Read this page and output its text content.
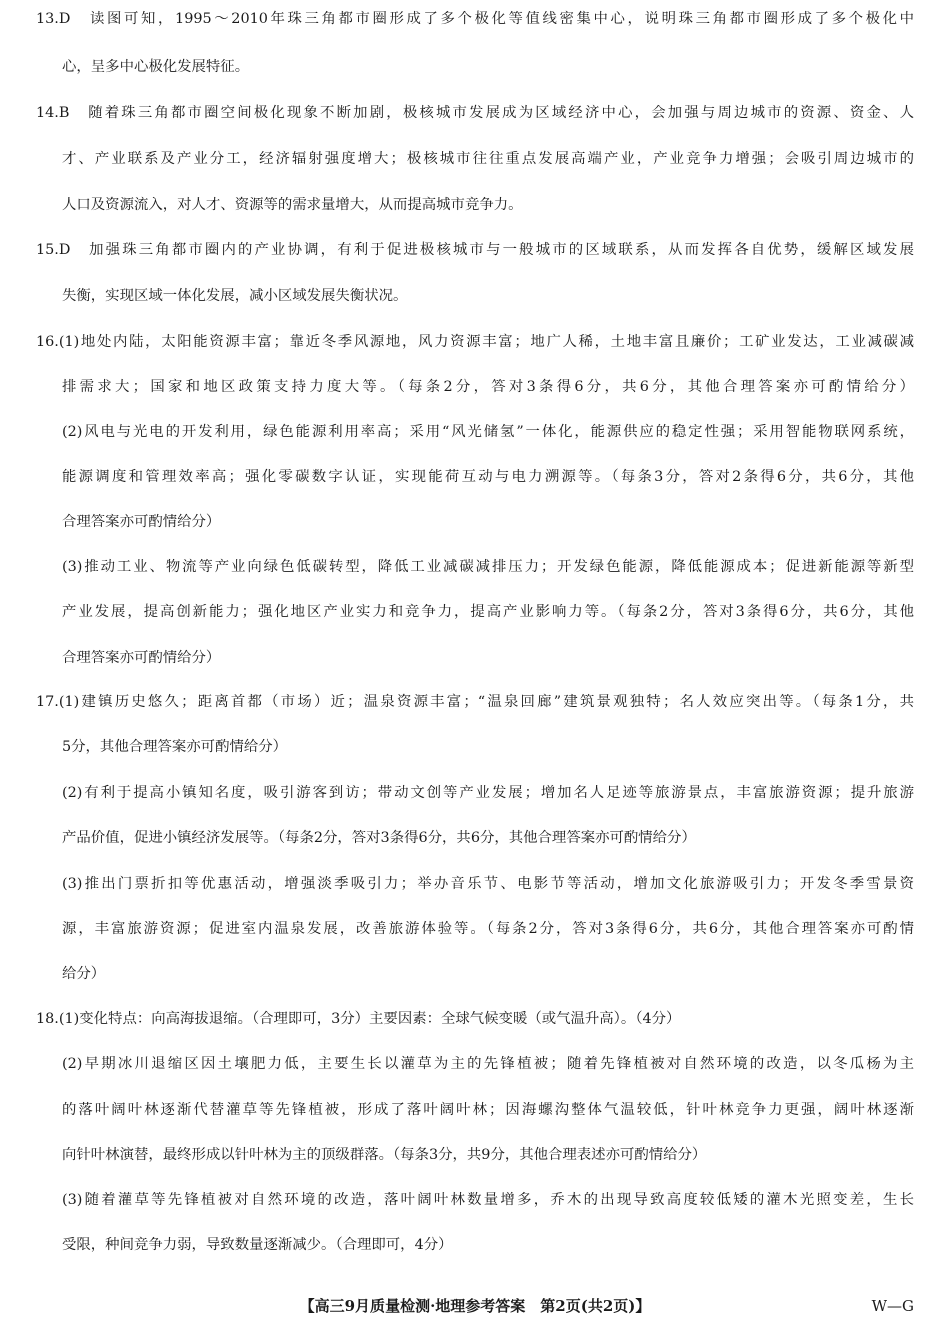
13.D　读图可知，1995～2010年珠三角都市圈形成了多个极化等值线密集中心，说明珠三角都市圈形成了多个极化中
心，呈多中心极化发展特征。
14.B　随着珠三角都市圈空间极化现象不断加剧，极核城市发展成为区域经济中心，会加强与周边城市的资源、资金、人
才、产业联系及产业分工，经济辐射强度增大；极核城市往往重点发展高端产业，产业竞争力增强；会吸引周边城市的
人口及资源流入，对人才、资源等的需求量增大，从而提高城市竞争力。
15.D　加强珠三角都市圈内的产业协调，有利于促进极核城市与一般城市的区域联系，从而发挥各自优势，缓解区域发展
失衡，实现区域一体化发展，减小区域发展失衡状况。
16.(1)地处内陆，太阳能资源丰富；靠近冬季风源地，风力资源丰富；地广人稀，土地丰富且廉价；工矿业发达，工业减碳减
排需求大；国家和地区政策支持力度大等。（每条2分，答对3条得6分，共6分，其他合理答案亦可酌情给分）
(2)风电与光电的开发利用，绿色能源利用率高；采用“风光储氢”一体化，能源供应的稳定性强；采用智能物联网系统，
能源调度和管理效率高；强化零碳数字认证，实现能荷互动与电力溯源等。（每条3分，答对2条得6分，共6分，其他
合理答案亦可酌情给分）
(3)推动工业、物流等产业向绿色低碳转型，降低工业减碳减排压力；开发绿色能源，降低能源成本；促进新能源等新型
产业发展，提高创新能力；强化地区产业实力和竞争力，提高产业影响力等。（每条2分，答对3条得6分，共6分，其他
合理答案亦可酌情给分）
17.(1)建镇历史悠久；距离首都（市场）近；温泉资源丰富；“温泉回廊”建筑景观独特；名人效应突出等。（每条1分，共
5分，其他合理答案亦可酌情给分）
(2)有利于提高小镇知名度，吸引游客到访；带动文创等产业发展；增加名人足迹等旅游景点，丰富旅游资源；提升旅游
产品价值，促进小镇经济发展等。（每条2分，答对3条得6分，共6分，其他合理答案亦可酌情给分）
(3)推出门票折扣等优惠活动，增强淡季吸引力；举办音乐节、电影节等活动，增加文化旅游吸引力；开发冬季雪景资
源，丰富旅游资源；促进室内温泉发展，改善旅游体验等。（每条2分，答对3条得6分，共6分，其他合理答案亦可酌情
给分）
18.(1)变化特点：向高海拔退缩。（合理即可，3分）主要因素：全球气候变暖（或气温升高）。（4分）
(2)早期冰川退缩区因土壤肥力低，主要生长以灌草为主的先锋植被；随着先锋植被对自然环境的改造，以冬瓜杨为主
的落叶阔叶林逐渐代替灌草等先锋植被，形成了落叶阔叶林；因海螺沟整体气温较低，针叶林竞争力更强，阔叶林逐渐
向针叶林演替，最终形成以针叶林为主的顶级群落。（每条3分，共9分，其他合理表述亦可酌情给分）
(3)随着灌草等先锋植被对自然环境的改造，落叶阔叶林数量增多，乔木的出现导致高度较低矮的灌木光照变差，生长
受限，种间竞争力弱，导致数量逐渐减少。（合理即可，4分）
【高三9月质量检测·地理参考答案　第2页(共2页)】	W—G
